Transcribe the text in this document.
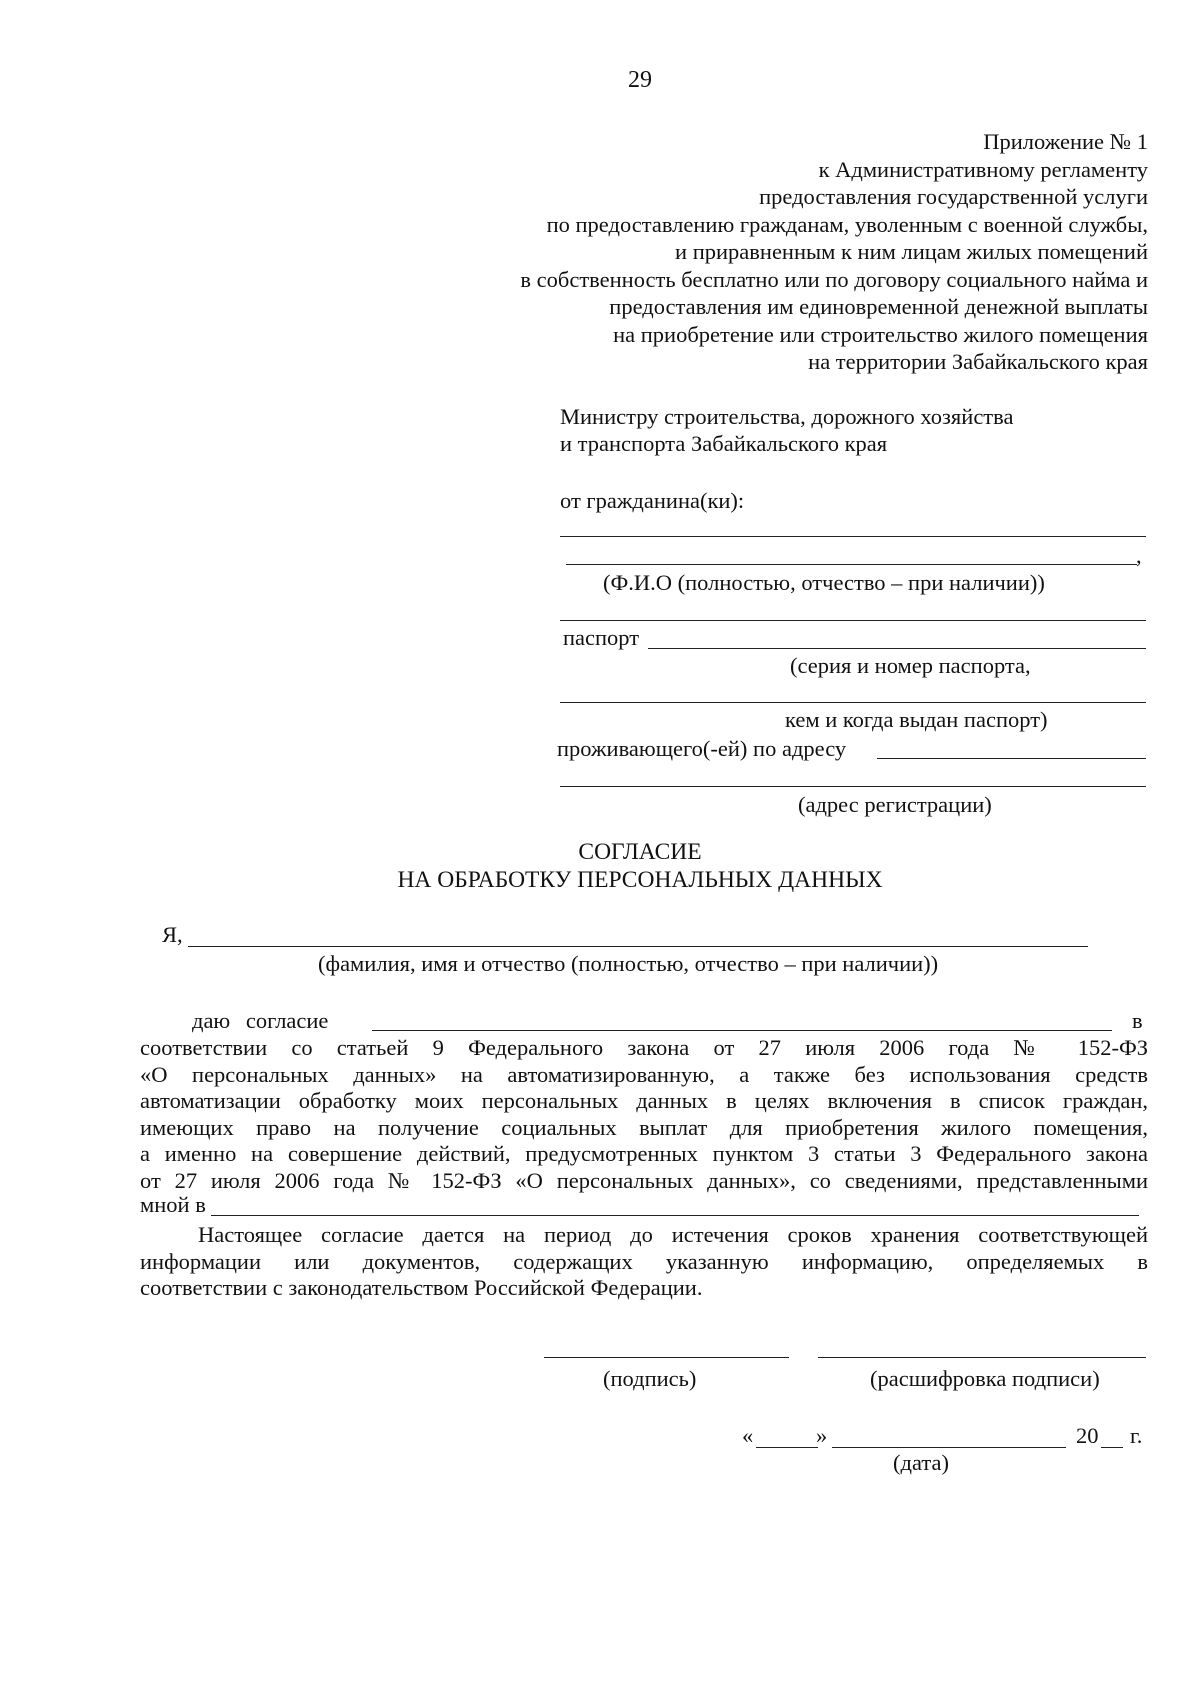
29
Приложение № 1
к Административному регламенту
предоставления государственной услуги
по предоставлению гражданам, уволенным с военной службы,
и приравненным к ним лицам жилых помещений
в собственность бесплатно или по договору социального найма и
предоставления им единовременной денежной выплаты
на приобретение или строительство жилого помещения
на территории Забайкальского края
Министру строительства, дорожного хозяйства
и транспорта Забайкальского края
от гражданина(ки):
,
(Ф.И.О (полностью, отчество – при наличии))
паспорт
(серия и номер паспорта,
кем и когда выдан паспорт)
проживающего(-ей) по адресу
(адрес регистрации)
СОГЛАСИЕ
НА ОБРАБОТКУ ПЕРСОНАЛЬНЫХ ДАННЫХ
Я,
(фамилия, имя и отчество (полностью, отчество – при наличии))
даю согласие	в
соответствии со статьей 9 Федерального закона от 27 июля 2006 года № 152-ФЗ
«О персональных данных» на автоматизированную, а также без использования средств
автоматизации обработку моих персональных данных в целях включения в список граждан,
имеющих право на получение социальных выплат для приобретения жилого помещения,
а именно на совершение действий, предусмотренных пунктом 3 статьи 3 Федерального закона
от 27 июля 2006 года № 152-ФЗ «О персональных данных», со сведениями, представленными
мной в
Настоящее согласие дается на период до истечения сроков хранения соответствующей
информации или документов, содержащих указанную информацию, определяемых в
соответствии с законодательством Российской Федерации.
(подпись)	(расшифровка подписи)
«	»	20 г.
(дата)
